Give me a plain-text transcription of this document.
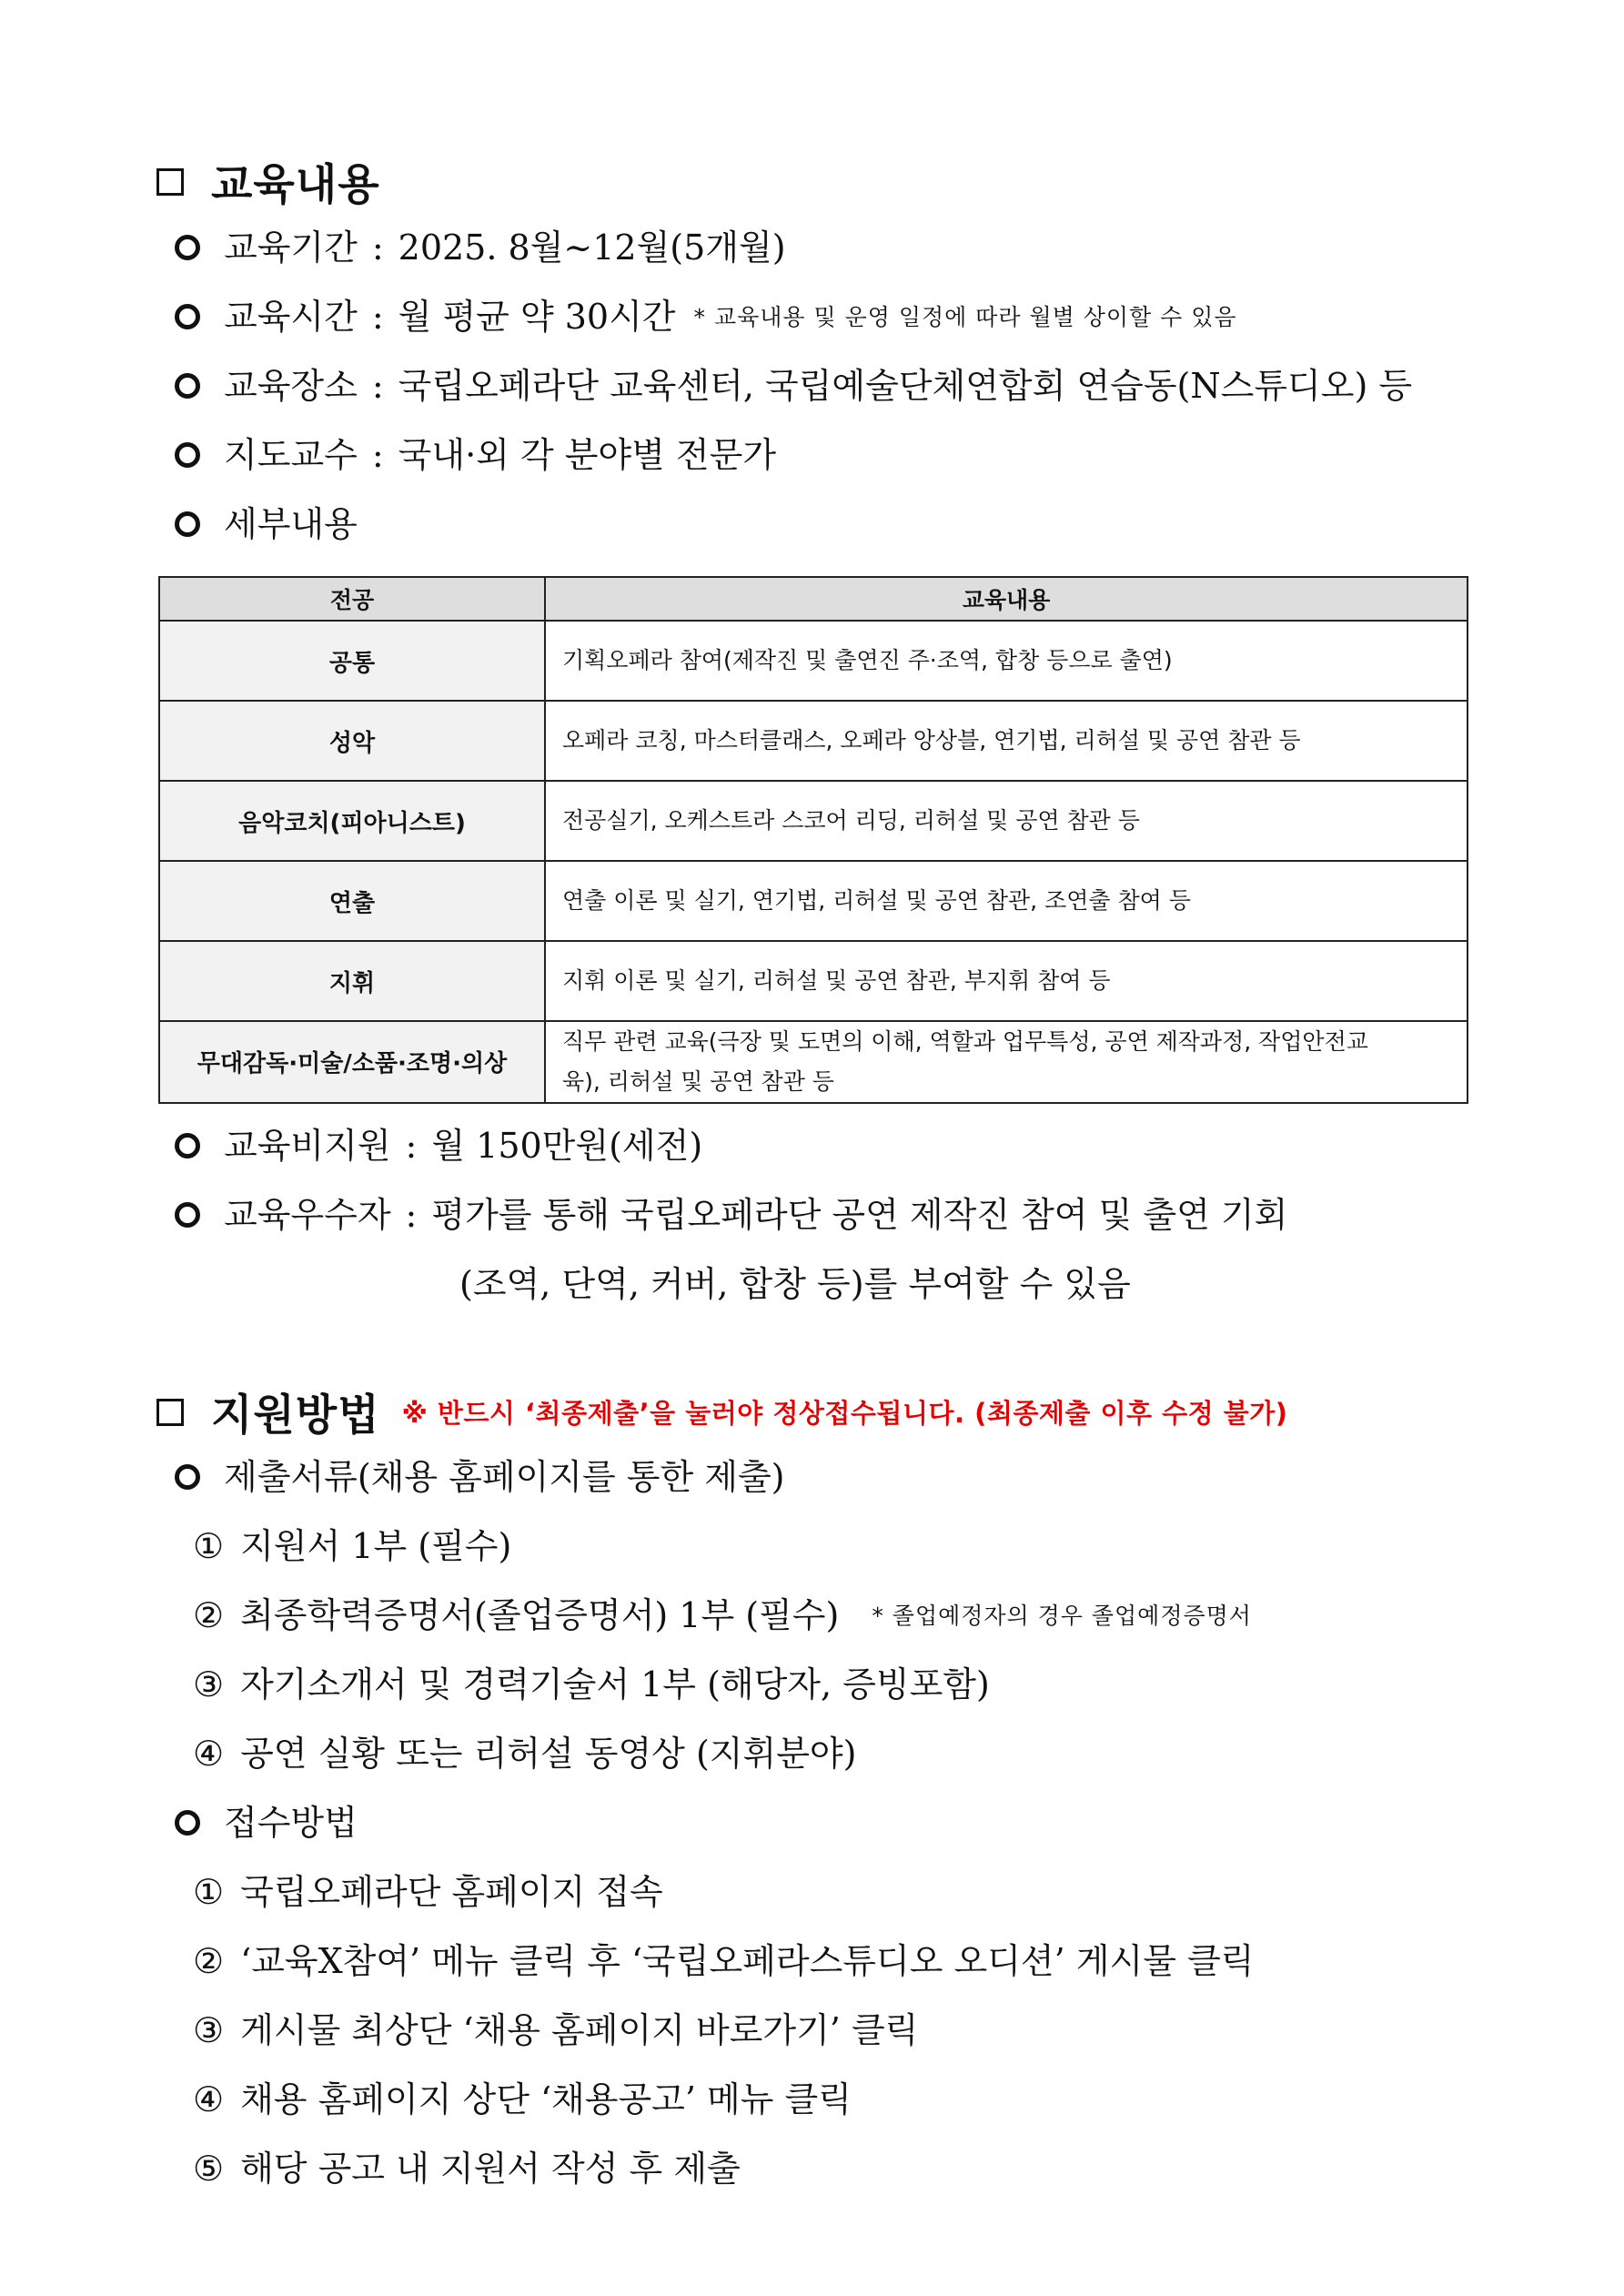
교육내용
교육기간 : 2025. 8월~12월(5개월)
교육시간 : 월 평균 약 30시간 * 교육내용 및 운영 일정에 따라 월별 상이할 수 있음
교육장소 : 국립오페라단 교육센터, 국립예술단체연합회 연습동(N스튜디오) 등
지도교수 : 국내·외 각 분야별 전문가
세부내용
전공	교육내용
공통	기획오페라 참여(제작진 및 출연진 주·조역, 합창 등으로 출연)
성악	오페라 코칭, 마스터클래스, 오페라 앙상블, 연기법, 리허설 및 공연 참관 등
음악코치(피아니스트)	전공실기, 오케스트라 스코어 리딩, 리허설 및 공연 참관 등
연출	연출 이론 및 실기, 연기법, 리허설 및 공연 참관, 조연출 참여 등
지휘	지휘 이론 및 실기, 리허설 및 공연 참관, 부지휘 참여 등
무대감독·미술/소품·조명·의상	직무 관련 교육(극장 및 도면의 이해, 역할과 업무특성, 공연 제작과정, 작업안전교
육), 리허설 및 공연 참관 등
교육비지원 : 월 150만원(세전)
교육우수자 : 평가를 통해 국립오페라단 공연 제작진 참여 및 출연 기회
(조역, 단역, 커버, 합창 등)를 부여할 수 있음
지원방법 ※ 반드시 ‘최종제출’을 눌러야 정상접수됩니다. (최종제출 이후 수정 불가)
제출서류(채용 홈페이지를 통한 제출)
① 지원서 1부 (필수)
② 최종학력증명서(졸업증명서) 1부 (필수) * 졸업예정자의 경우 졸업예정증명서
③ 자기소개서 및 경력기술서 1부 (해당자, 증빙포함)
④ 공연 실황 또는 리허설 동영상 (지휘분야)
접수방법
① 국립오페라단 홈페이지 접속
② ‘교육X참여’ 메뉴 클릭 후 ‘국립오페라스튜디오 오디션’ 게시물 클릭
③ 게시물 최상단 ‘채용 홈페이지 바로가기’ 클릭
④ 채용 홈페이지 상단 ‘채용공고’ 메뉴 클릭
⑤ 해당 공고 내 지원서 작성 후 제출
